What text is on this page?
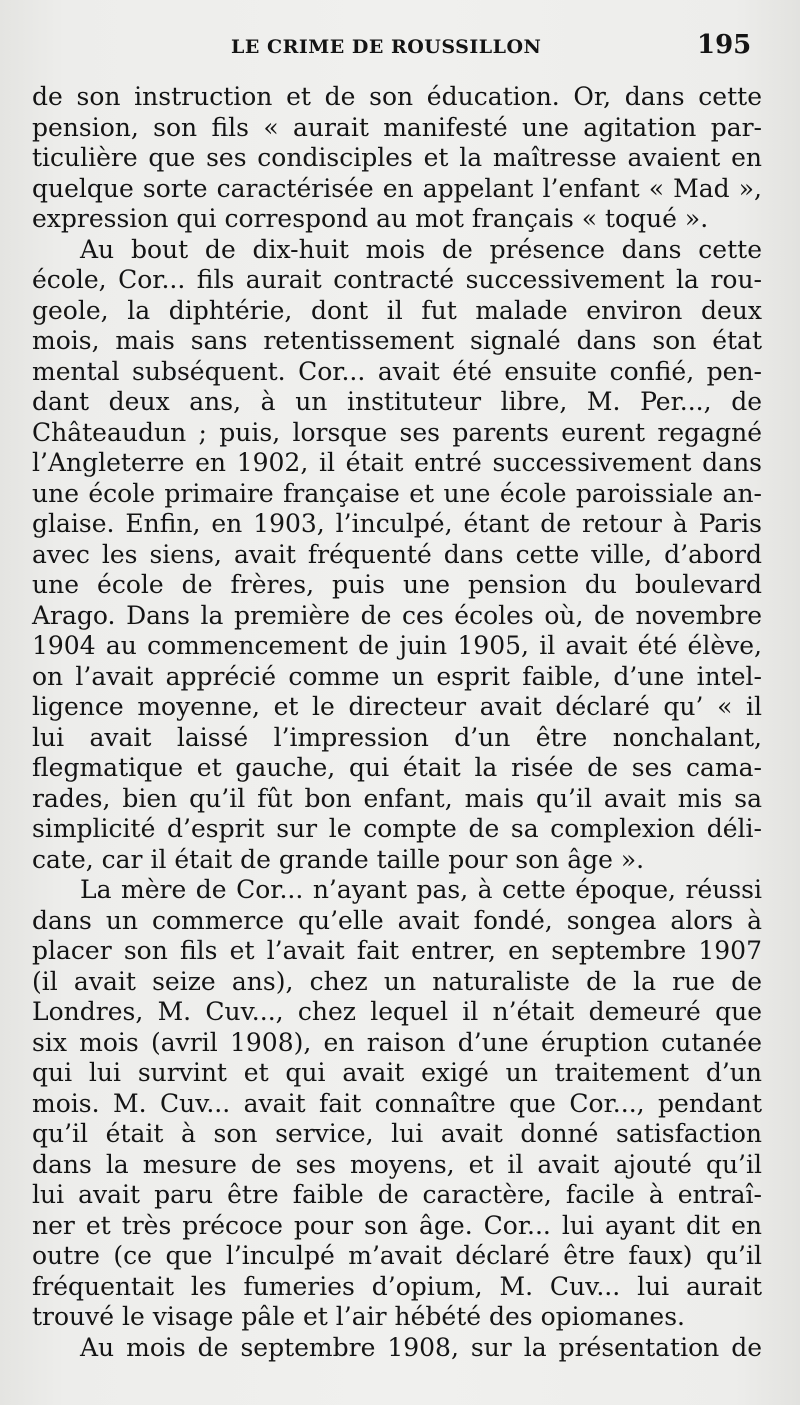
LE CRIME DE ROUSSILLON	195
de son instruction et de son éducation. Or, dans cette
pension, son fils « aurait manifesté une agitation par-
ticulière que ses condisciples et la maîtresse avaient en
quelque sorte caractérisée en appelant l’enfant « Mad »,
expression qui correspond au mot français « toqué ».
Au bout de dix-huit mois de présence dans cette
école, Cor... fils aurait contracté successivement la rou-
geole, la diphtérie, dont il fut malade environ deux
mois, mais sans retentissement signalé dans son état
mental subséquent. Cor... avait été ensuite confié, pen-
dant deux ans, à un instituteur libre, M. Per..., de
Châteaudun ; puis, lorsque ses parents eurent regagné
l’Angleterre en 1902, il était entré successivement dans
une école primaire française et une école paroissiale an-
glaise. Enfin, en 1903, l’inculpé, étant de retour à Paris
avec les siens, avait fréquenté dans cette ville, d’abord
une école de frères, puis une pension du boulevard
Arago. Dans la première de ces écoles où, de novembre
1904 au commencement de juin 1905, il avait été élève,
on l’avait apprécié comme un esprit faible, d’une intel-
ligence moyenne, et le directeur avait déclaré qu’ « il
lui avait laissé l’impression d’un être nonchalant,
flegmatique et gauche, qui était la risée de ses cama-
rades, bien qu’il fût bon enfant, mais qu’il avait mis sa
simplicité d’esprit sur le compte de sa complexion déli-
cate, car il était de grande taille pour son âge ».
La mère de Cor... n’ayant pas, à cette époque, réussi
dans un commerce qu’elle avait fondé, songea alors à
placer son fils et l’avait fait entrer, en septembre 1907
(il avait seize ans), chez un naturaliste de la rue de
Londres, M. Cuv..., chez lequel il n’était demeuré que
six mois (avril 1908), en raison d’une éruption cutanée
qui lui survint et qui avait exigé un traitement d’un
mois. M. Cuv... avait fait connaître que Cor..., pendant
qu’il était à son service, lui avait donné satisfaction
dans la mesure de ses moyens, et il avait ajouté qu’il
lui avait paru être faible de caractère, facile à entraî-
ner et très précoce pour son âge. Cor... lui ayant dit en
outre (ce que l’inculpé m’avait déclaré être faux) qu’il
fréquentait les fumeries d’opium, M. Cuv... lui aurait
trouvé le visage pâle et l’air hébété des opiomanes.
Au mois de septembre 1908, sur la présentation de
